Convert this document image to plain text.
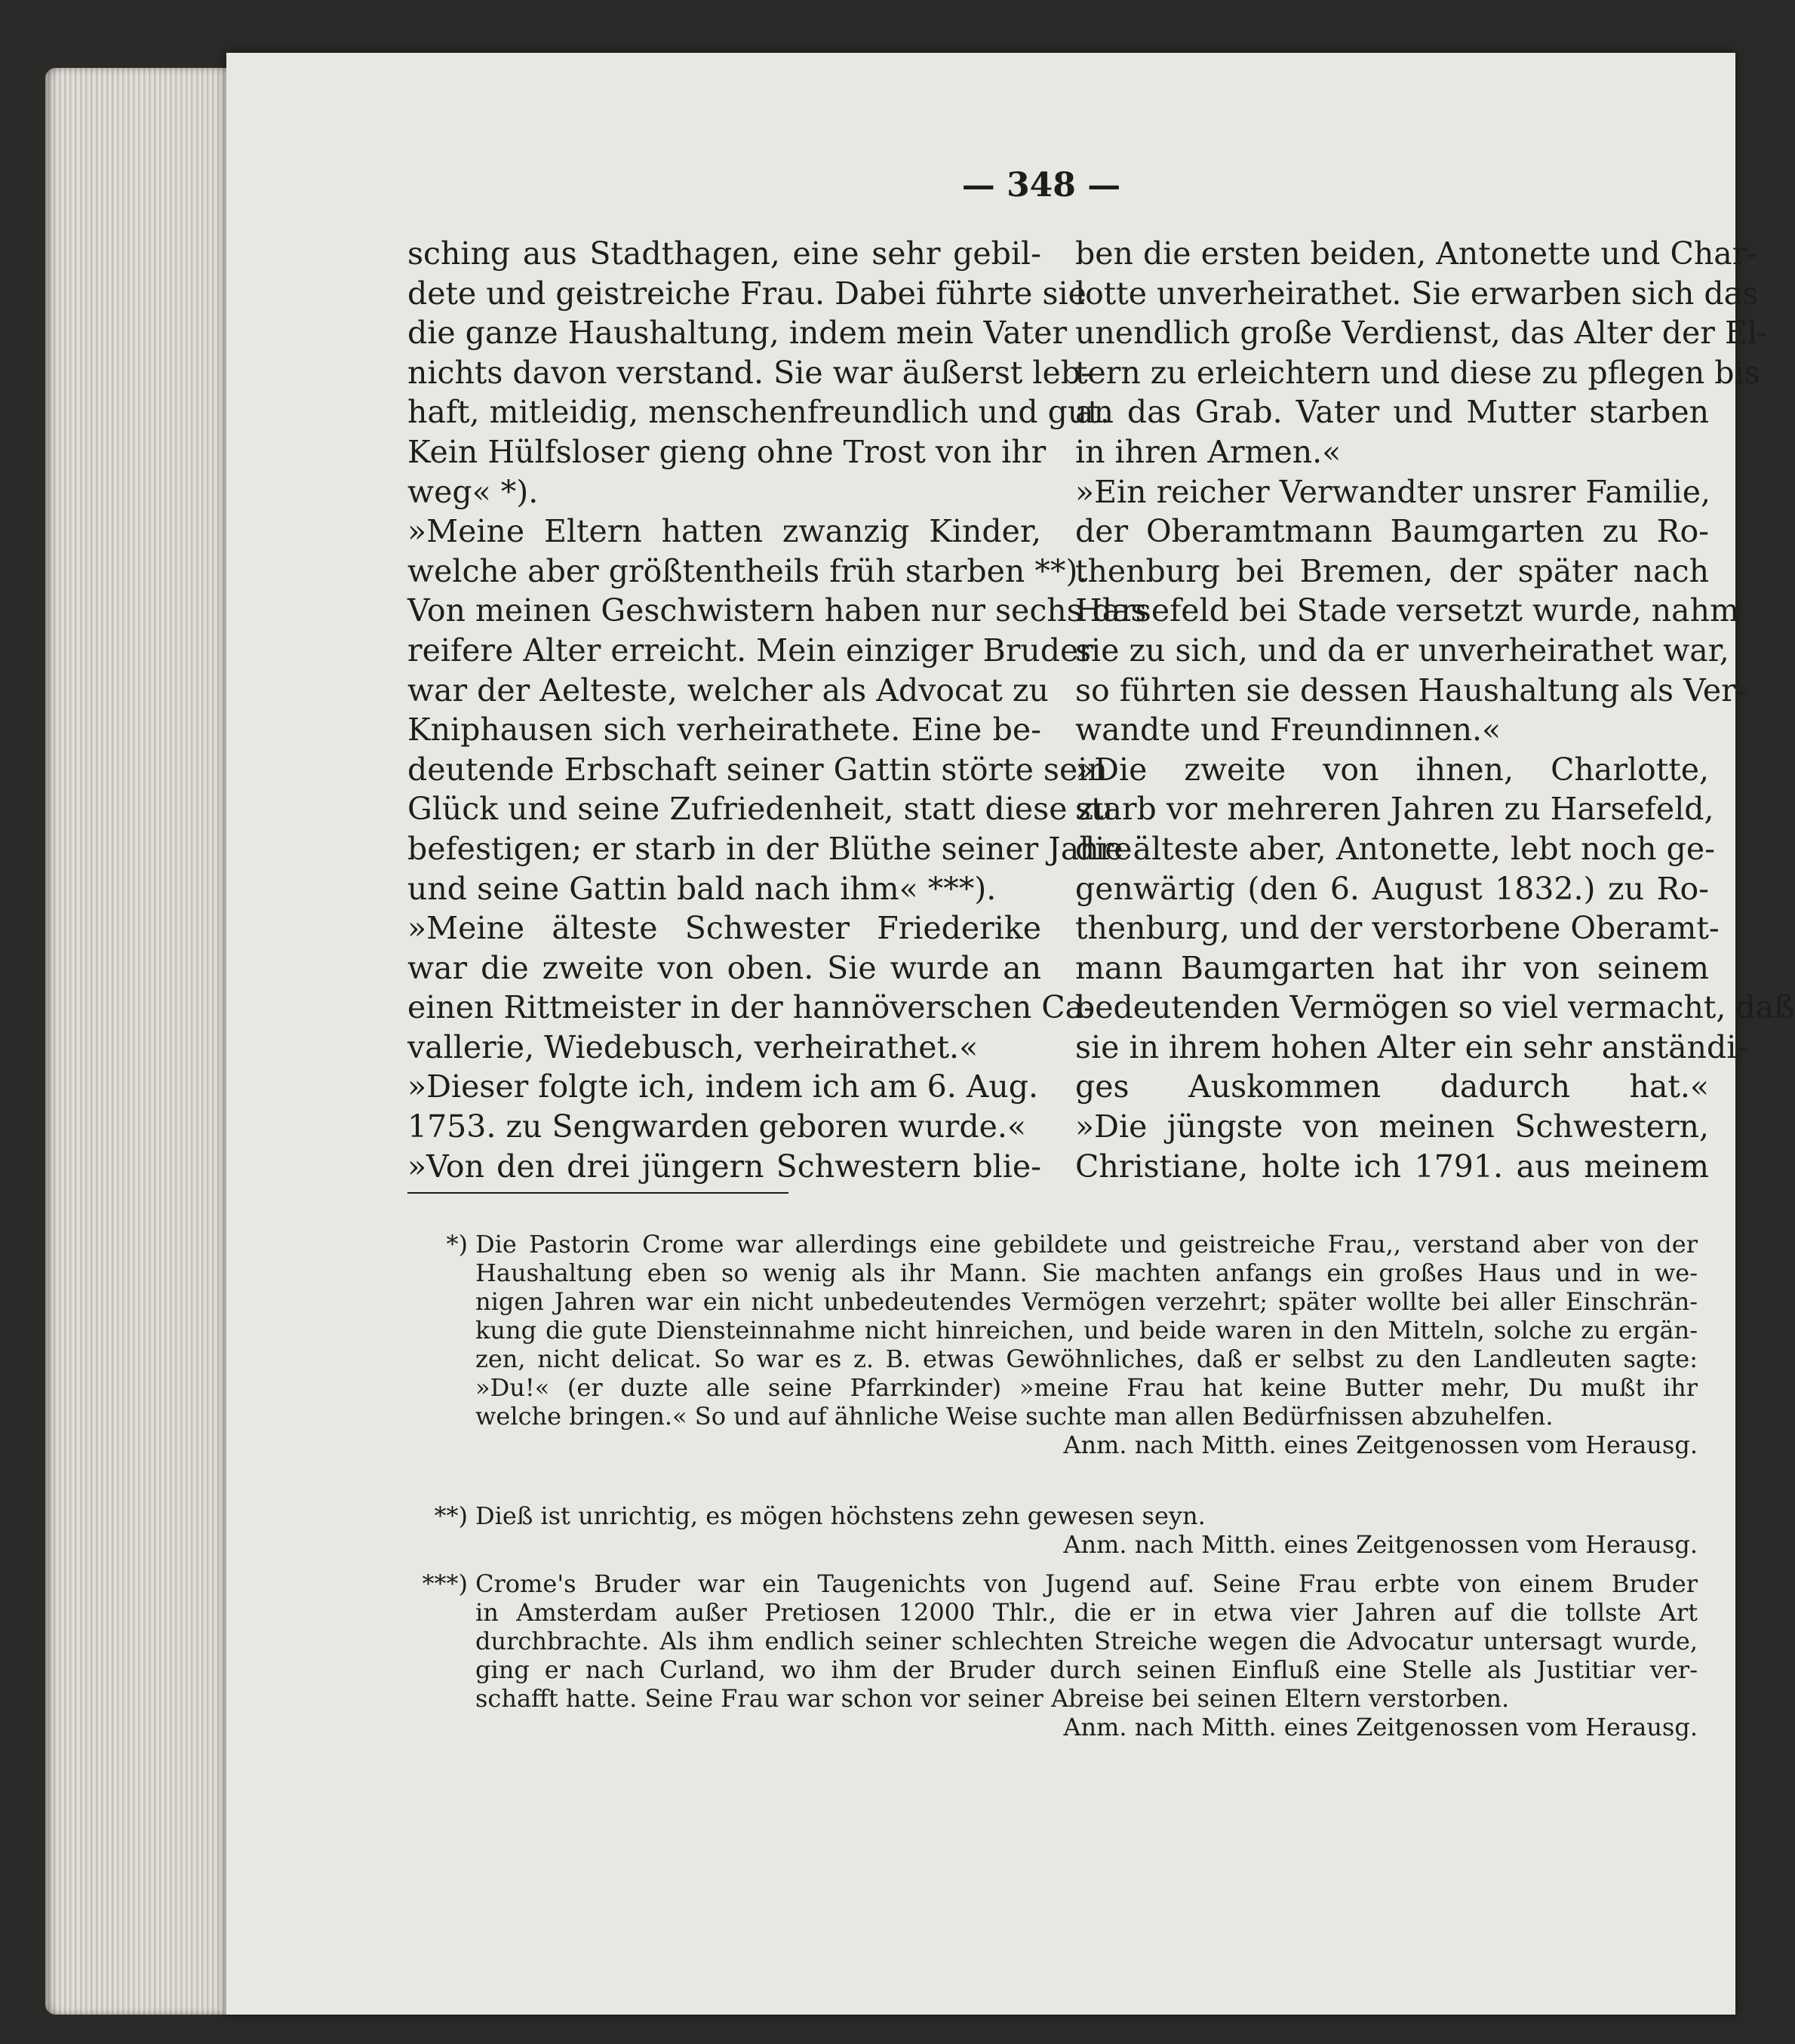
— 348 —
sching aus Stadthagen, eine sehr gebil-
dete und geistreiche Frau. Dabei führte sie
die ganze Haushaltung, indem mein Vater
nichts davon verstand. Sie war äußerst leb-
haft, mitleidig, menschenfreundlich und gut.
Kein Hülfsloser gieng ohne Trost von ihr
weg« *).
»Meine Eltern hatten zwanzig Kinder,
welche aber größtentheils früh starben **).
Von meinen Geschwistern haben nur sechs das
reifere Alter erreicht. Mein einziger Bruder
war der Aelteste, welcher als Advocat zu
Kniphausen sich verheirathete. Eine be-
deutende Erbschaft seiner Gattin störte sein
Glück und seine Zufriedenheit, statt diese zu
befestigen; er starb in der Blüthe seiner Jahre
und seine Gattin bald nach ihm« ***).
»Meine älteste Schwester Friederike
war die zweite von oben. Sie wurde an
einen Rittmeister in der hannöverschen Ca-
vallerie, Wiedebusch, verheirathet.«
»Dieser folgte ich, indem ich am 6. Aug.
1753. zu Sengwarden geboren wurde.«
»Von den drei jüngern Schwestern blie-
ben die ersten beiden, Antonette und Char-
lotte unverheirathet. Sie erwarben sich das
unendlich große Verdienst, das Alter der El-
tern zu erleichtern und diese zu pflegen bis
an das Grab. Vater und Mutter starben
in ihren Armen.«
»Ein reicher Verwandter unsrer Familie,
der Oberamtmann Baumgarten zu Ro-
thenburg bei Bremen, der später nach
Harsefeld bei Stade versetzt wurde, nahm
sie zu sich, und da er unverheirathet war,
so führten sie dessen Haushaltung als Ver-
wandte und Freundinnen.«
»Die zweite von ihnen, Charlotte,
starb vor mehreren Jahren zu Harsefeld,
die älteste aber, Antonette, lebt noch ge-
genwärtig (den 6. August 1832.) zu Ro-
thenburg, und der verstorbene Oberamt-
mann Baumgarten hat ihr von seinem
bedeutenden Vermögen so viel vermacht, daß
sie in ihrem hohen Alter ein sehr anständi-
ges Auskommen dadurch hat.«
»Die jüngste von meinen Schwestern,
Christiane, holte ich 1791. aus meinem
*) Die Pastorin Crome war allerdings eine gebildete und geistreiche Frau,, verstand aber von der
Haushaltung eben so wenig als ihr Mann. Sie machten anfangs ein großes Haus und in we-
nigen Jahren war ein nicht unbedeutendes Vermögen verzehrt; später wollte bei aller Einschrän-
kung die gute Diensteinnahme nicht hinreichen, und beide waren in den Mitteln, solche zu ergän-
zen, nicht delicat. So war es z. B. etwas Gewöhnliches, daß er selbst zu den Landleuten sagte:
»Du!« (er duzte alle seine Pfarrkinder) »meine Frau hat keine Butter mehr, Du mußt ihr
welche bringen.« So und auf ähnliche Weise suchte man allen Bedürfnissen abzuhelfen.
Anm. nach Mitth. eines Zeitgenossen vom Herausg.
**) Dieß ist unrichtig, es mögen höchstens zehn gewesen seyn.
Anm. nach Mitth. eines Zeitgenossen vom Herausg.
***) Crome's Bruder war ein Taugenichts von Jugend auf. Seine Frau erbte von einem Bruder
in Amsterdam außer Pretiosen 12000 Thlr., die er in etwa vier Jahren auf die tollste Art
durchbrachte. Als ihm endlich seiner schlechten Streiche wegen die Advocatur untersagt wurde,
ging er nach Curland, wo ihm der Bruder durch seinen Einfluß eine Stelle als Justitiar ver-
schafft hatte. Seine Frau war schon vor seiner Abreise bei seinen Eltern verstorben.
Anm. nach Mitth. eines Zeitgenossen vom Herausg.
